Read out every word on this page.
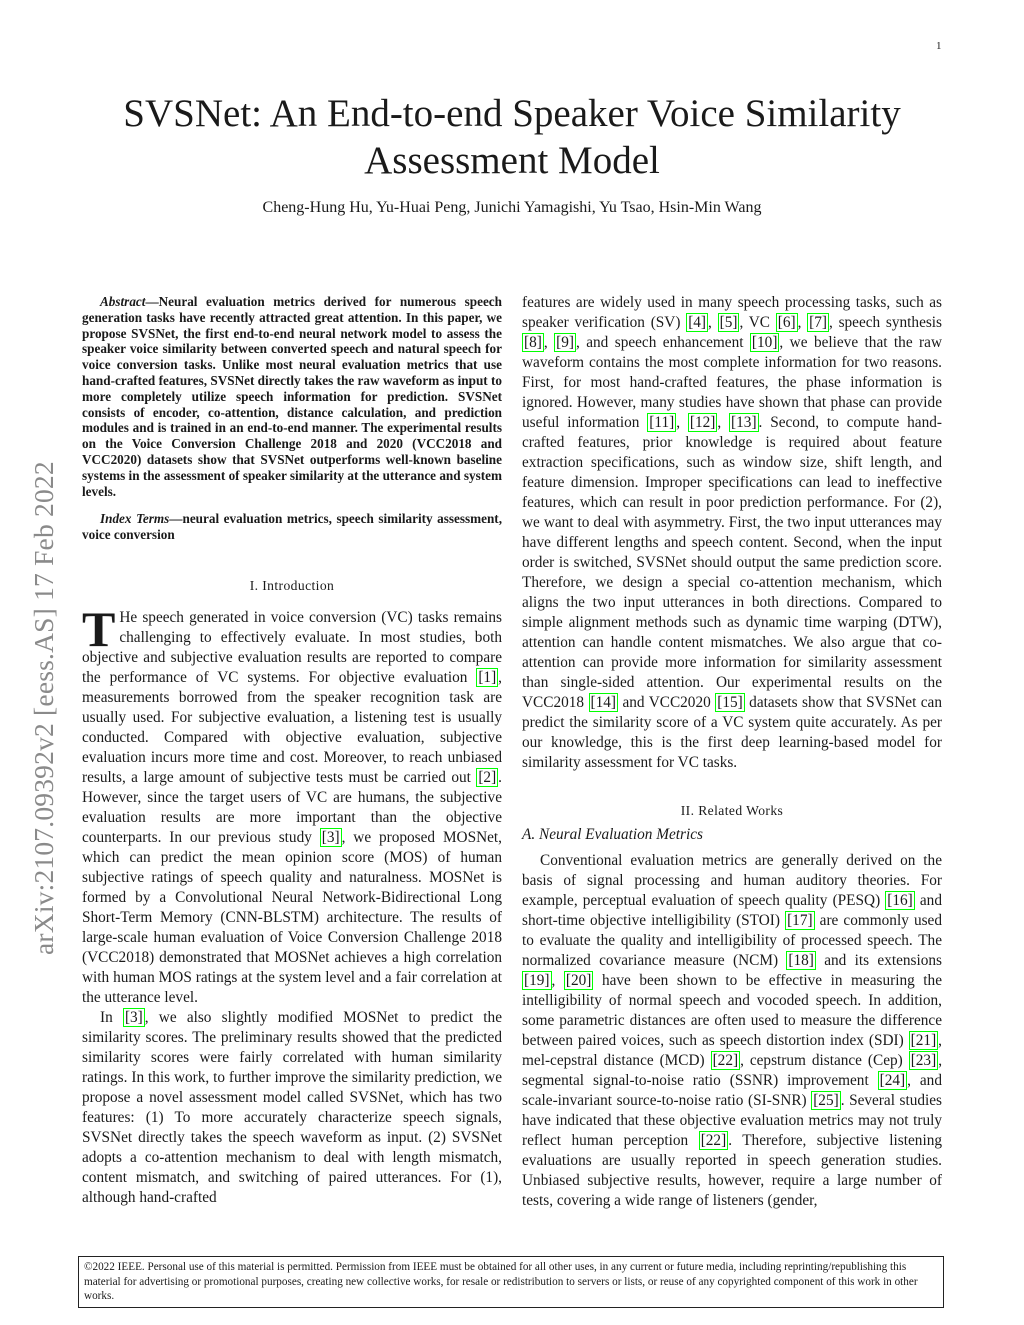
1
arXiv:2107.09392v2 [eess.AS] 17 Feb 2022
SVSNet: An End-to-end Speaker Voice Similarity Assessment Model
Cheng-Hung Hu, Yu-Huai Peng, Junichi Yamagishi, Yu Tsao, Hsin-Min Wang

Abstract—Neural evaluation metrics derived for numerous speech generation tasks have recently attracted great attention. In this paper, we propose SVSNet, the first end-to-end neural network model to assess the speaker voice similarity between converted speech and natural speech for voice conversion tasks. Unlike most neural evaluation metrics that use hand-crafted features, SVSNet directly takes the raw waveform as input to more completely utilize speech information for prediction. SVSNet consists of encoder, co-attention, distance calculation, and prediction modules and is trained in an end-to-end manner. The experimental results on the Voice Conversion Challenge 2018 and 2020 (VCC2018 and VCC2020) datasets show that SVSNet outperforms well-known baseline systems in the assessment of speaker similarity at the utterance and system levels.

Index Terms—neural evaluation metrics, speech similarity assessment, voice conversion

I. Introduction

T He speech generated in voice conversion (VC) tasks remains challenging to effectively evaluate. In most studies, both objective and subjective evaluation results are reported to compare the performance of VC systems. For objective evaluation [1] , measurements borrowed from the speaker recognition task are usually used. For subjective evaluation, a listening test is usually conducted. Compared with objective evaluation, subjective evaluation incurs more time and cost. Moreover, to reach unbiased results, a large amount of subjective tests must be carried out [2] . However, since the target users of VC are humans, the subjective evaluation results are more important than the objective counterparts. In our previous study [3] , we proposed MOSNet, which can predict the mean opinion score (MOS) of human subjective ratings of speech quality and naturalness. MOSNet is formed by a Convolutional Neural Network-Bidirectional Long Short-Term Memory (CNN-BLSTM) architecture. The results of large-scale human evaluation of Voice Conversion Challenge 2018 (VCC2018) demonstrated that MOSNet achieves a high correlation with human MOS ratings at the system level and a fair correlation at the utterance level.

In [3] , we also slightly modified MOSNet to predict the similarity scores. The preliminary results showed that the predicted similarity scores were fairly correlated with human similarity ratings. In this work, to further improve the similarity prediction, we propose a novel assessment model called SVSNet, which has two features: (1) To more accurately characterize speech signals, SVSNet directly takes the speech waveform as input. (2) SVSNet adopts a co-attention mechanism to deal with length mismatch, content mismatch, and switching of paired utterances. For (1), although hand-crafted

features are widely used in many speech processing tasks, such as speaker verification (SV) [4] , [5] , VC [6] , [7] , speech synthesis [8] , [9] , and speech enhancement [10] , we believe that the raw waveform contains the most complete information for two reasons. First, for most hand-crafted features, the phase information is ignored. However, many studies have shown that phase can provide useful information [11] , [12] , [13] . Second, to compute hand-crafted features, prior knowledge is required about feature extraction specifications, such as window size, shift length, and feature dimension. Improper specifications can lead to ineffective features, which can result in poor prediction performance. For (2), we want to deal with asymmetry. First, the two input utterances may have different lengths and speech content. Second, when the input order is switched, SVSNet should output the same prediction score. Therefore, we design a special co-attention mechanism, which aligns the two input utterances in both directions. Compared to simple alignment methods such as dynamic time warping (DTW), attention can handle content mismatches. We also argue that co-attention can provide more information for similarity assessment than single-sided attention. Our experimental results on the VCC2018 [14] and VCC2020 [15] datasets show that SVSNet can predict the similarity score of a VC system quite accurately. As per our knowledge, this is the first deep learning-based model for similarity assessment for VC tasks.

II. Related Works

A. Neural Evaluation Metrics

Conventional evaluation metrics are generally derived on the basis of signal processing and human auditory theories. For example, perceptual evaluation of speech quality (PESQ) [16] and short-time objective intelligibility (STOI) [17] are commonly used to evaluate the quality and intelligibility of processed speech. The normalized covariance measure (NCM) [18] and its extensions [19] , [20] have been shown to be effective in measuring the intelligibility of normal speech and vocoded speech. In addition, some parametric distances are often used to measure the difference between paired voices, such as speech distortion index (SDI) [21] , mel-cepstral distance (MCD) [22] , cepstrum distance (Cep) [23] , segmental signal-to-noise ratio (SSNR) improvement [24] , and scale-invariant source-to-noise ratio (SI-SNR) [25] . Several studies have indicated that these objective evaluation metrics may not truly reflect human perception [22] . Therefore, subjective listening evaluations are usually reported in speech generation studies. Unbiased subjective results, however, require a large number of tests, covering a wide range of listeners (gender,

©2022 IEEE. Personal use of this material is permitted. Permission from IEEE must be obtained for all other uses, in any current or future media, including reprinting/republishing this material for advertising or promotional purposes, creating new collective works, for resale or redistribution to servers or lists, or reuse of any copyrighted component of this work in other works.
